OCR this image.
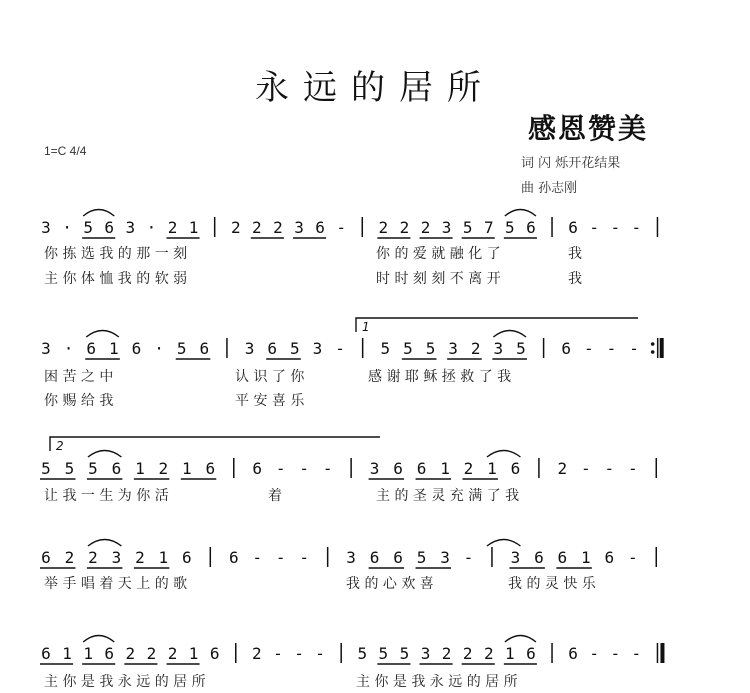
永远的居所
感恩赞美
1=C 4/4
词 闪 烁开花结果
曲 孙志刚
3 · 5 6 3 · 2 1 2 2 2 3 6 - 2 2 2 3 5 7 5 6 6 - - -
你 拣 选 我 的 那 一 刻	你 的 爱 就 融 化 了	我
主 你 体 恤 我 的 软 弱	时 时 刻 刻 不 离 开	我
3 · 6 1 6 · 5 6 3 6 5 3 - 5 5 5 3 2 3 5 6 - - -
1
困 苦 之 中	认 识 了 你	感 谢 耶 稣 拯 救 了 我
你 赐 给 我	平 安 喜 乐
5 5 5 6 1 2 1 6 6 - - - 3 6 6 1 2 1 6 2 - - -
2
让 我 一 生 为 你 活	着	主 的 圣 灵 充 满 了 我
6 2 2 3 2 1 6 6 - - - 3 6 6 5 3 - 3 6 6 1 6 -
举 手 唱 着 天 上 的 歌	我 的 心 欢 喜	我 的 灵 快 乐
6 1 1 6 2 2 2 1 6 2 - - - 5 5 5 3 2 2 2 1 6 6 - - -
主 你 是 我 永 远 的 居 所	主 你 是 我 永 远 的 居 所
